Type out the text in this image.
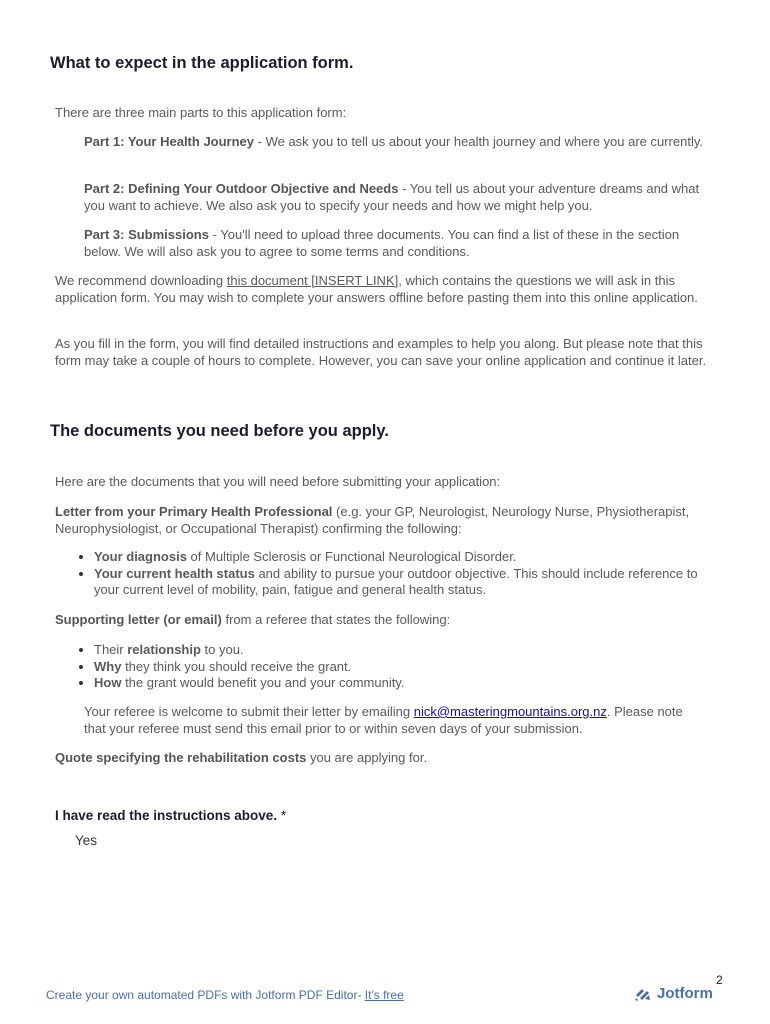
What to expect in the application form.

There are three main parts to this application form:

Part 1: Your Health Journey - We ask you to tell us about your health journey and where you are currently.

Part 2: Defining Your Outdoor Objective and Needs - You tell us about your adventure dreams and what you want to achieve. We also ask you to specify your needs and how we might help you.

Part 3: Submissions - You'll need to upload three documents. You can find a list of these in the section below. We will also ask you to agree to some terms and conditions.

We recommend downloading this document [INSERT LINK], which contains the questions we will ask in this application form. You may wish to complete your answers offline before pasting them into this online application.

As you fill in the form, you will find detailed instructions and examples to help you along. But please note that this form may take a couple of hours to complete. However, you can save your online application and continue it later.

The documents you need before you apply.

Here are the documents that you will need before submitting your application:

Letter from your Primary Health Professional (e.g. your GP, Neurologist, Neurology Nurse, Physiotherapist, Neurophysiologist, or Occupational Therapist) confirming the following:

• Your diagnosis of Multiple Sclerosis or Functional Neurological Disorder.
• Your current health status and ability to pursue your outdoor objective. This should include reference to your current level of mobility, pain, fatigue and general health status.

Supporting letter (or email) from a referee that states the following:

• Their relationship to you.
• Why they think you should receive the grant.
• How the grant would benefit you and your community.

Your referee is welcome to submit their letter by emailing nick@masteringmountains.org.nz. Please note that your referee must send this email prior to or within seven days of your submission.

Quote specifying the rehabilitation costs you are applying for.

I have read the instructions above. *
Yes
2
Create your own automated PDFs with Jotform PDF Editor- It's free	Jotform
